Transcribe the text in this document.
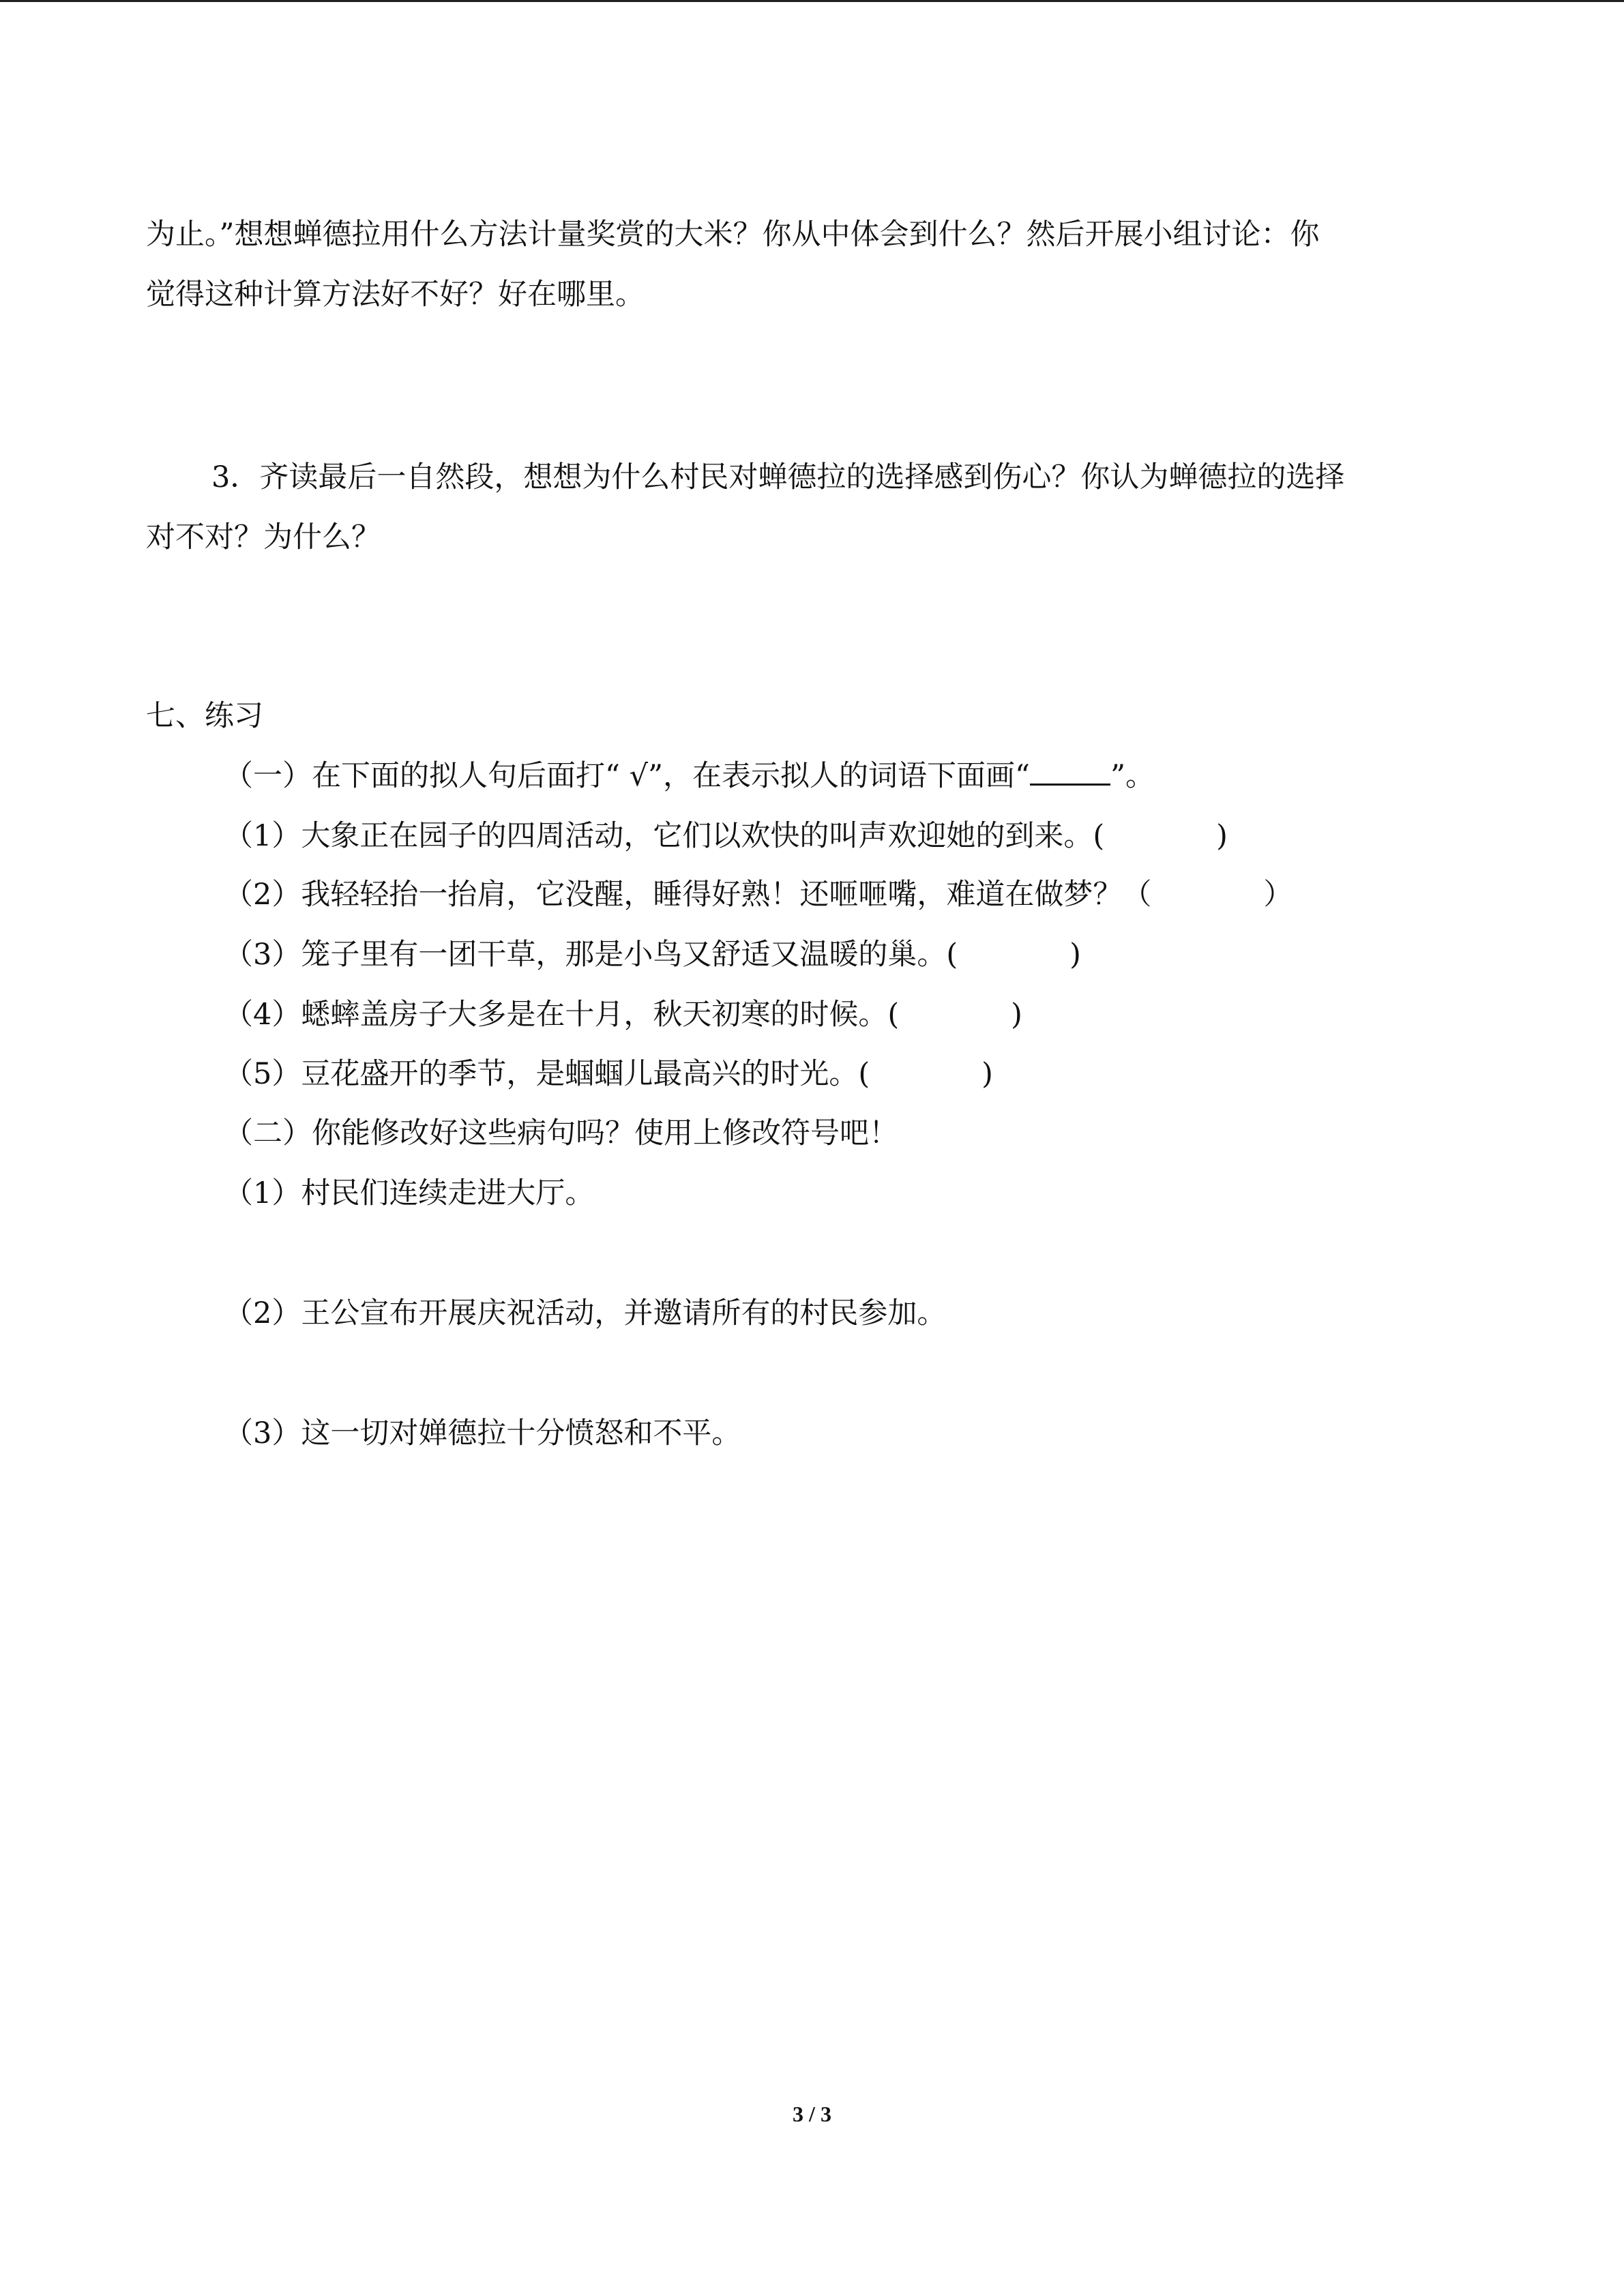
为止。”想想蝉德拉用什么方法计量奖赏的大米？你从中体会到什么？然后开展小组讨论：你
觉得这种计算方法好不好？好在哪里。
3．齐读最后一自然段，想想为什么村民对蝉德拉的选择感到伤心？你认为蝉德拉的选择
对不对？为什么？
七、练习
（一）在下面的拟人句后面打“ √”，在表示拟人的词语下面画“	”。
（1）大象正在园子的四周活动，它们以欢快的叫声欢迎她的到来。(            )
（2）我轻轻抬一抬肩，它没醒，睡得好熟！还咂咂嘴，难道在做梦？（            ）
（3）笼子里有一团干草，那是小鸟又舒适又温暖的巢。(            )
（4）蟋蟀盖房子大多是在十月，秋天初寒的时候。(            )
（5）豆花盛开的季节，是蝈蝈儿最高兴的时光。(            )
（二）你能修改好这些病句吗？使用上修改符号吧！
（1）村民们连续走进大厅。
（2）王公宣布开展庆祝活动，并邀请所有的村民参加。
（3）这一切对婵德拉十分愤怒和不平。
3 / 3
